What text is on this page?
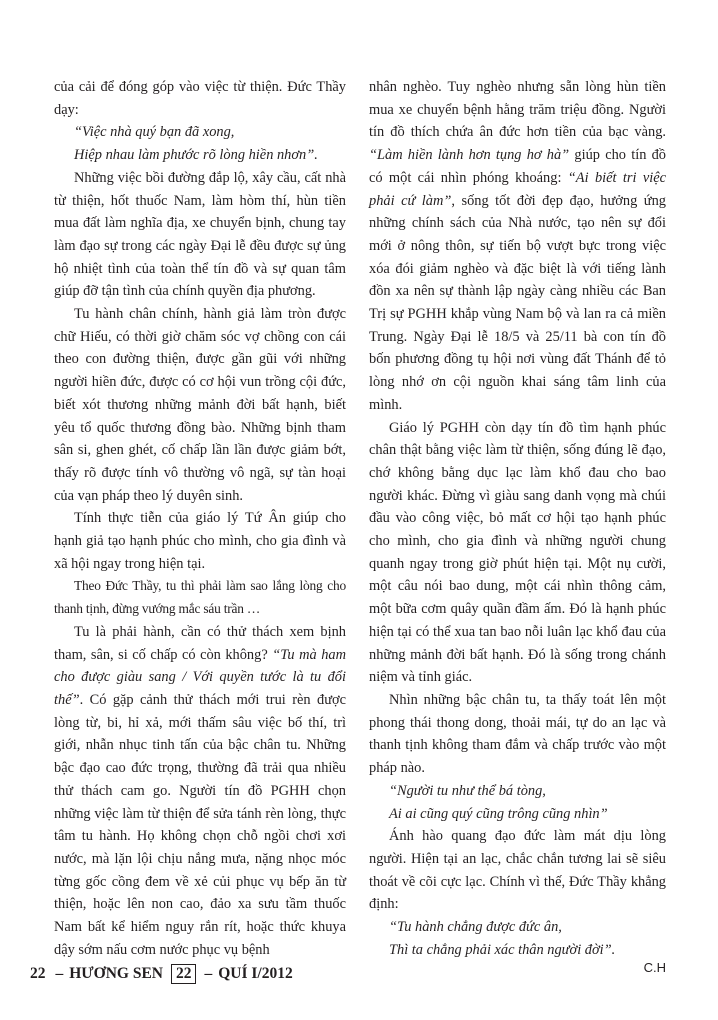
của cải để đóng góp vào việc từ thiện. Đức Thầy dạy:

“Việc nhà quý bạn đã xong,

Hiệp nhau làm phước rõ lòng hiền nhơn”.

Những việc bồi đường đắp lộ, xây cầu, cất nhà từ thiện, hốt thuốc Nam, làm hòm thí, hùn tiền mua đất làm nghĩa địa, xe chuyển bịnh, chung tay làm đạo sự trong các ngày Đại lễ đều được sự ủng hộ nhiệt tình của toàn thể tín đồ và sự quan tâm giúp đỡ tận tình của chính quyền địa phương.

Tu hành chân chính, hành giả làm tròn được chữ Hiếu, có thời giờ chăm sóc vợ chồng con cái theo con đường thiện, được gần gũi với những người hiền đức, được có cơ hội vun trồng cội đức, biết xót thương những mảnh đời bất hạnh, biết yêu tổ quốc thương đồng bào. Những bịnh tham sân si, ghen ghét, cố chấp lần lần được giảm bớt, thấy rõ được tính vô thường vô ngã, sự tàn hoại của vạn pháp theo lý duyên sinh.

Tính thực tiễn của giáo lý Tứ Ân giúp cho hạnh giả tạo hạnh phúc cho mình, cho gia đình và xã hội ngay trong hiện tại.

Theo Đức Thầy, tu thì phải làm sao lắng lòng cho thanh tịnh, đừng vướng mắc sáu trần …

Tu là phải hành, cần có thử thách xem bịnh tham, sân, si cố chấp có còn không? “Tu mà ham cho được giàu sang / Với quyền tước là tu đổi thế”. Có gặp cảnh thử thách mới trui rèn được lòng từ, bi, hỉ xả, mới thấm sâu việc bố thí, trì giới, nhẫn nhục tinh tấn của bậc chân tu. Những bậc đạo cao đức trọng, thường đã trải qua nhiều thử thách cam go. Người tín đồ PGHH chọn những việc làm từ thiện để sửa tánh rèn lòng, thực tâm tu hành. Họ không chọn chỗ ngồi chơi xơi nước, mà lặn lội chịu nắng mưa, nặng nhọc móc từng gốc cồng đem về xẻ củi phục vụ bếp ăn từ thiện, hoặc lên non cao, đảo xa sưu tầm thuốc Nam bất kể hiểm nguy rắn rít, hoặc thức khuya dậy sớm nấu cơm nước phục vụ bệnh

nhân nghèo. Tuy nghèo nhưng sẵn lòng hùn tiền mua xe chuyển bệnh hằng trăm triệu đồng. Người tín đồ thích chứa ân đức hơn tiền của bạc vàng. “Làm hiền lành hơn tụng hơ hà” giúp cho tín đồ có một cái nhìn phóng khoáng: “Ai biết tri việc phải cứ làm”, sống tốt đời đẹp đạo, hưởng ứng những chính sách của Nhà nước, tạo nên sự đổi mới ở nông thôn, sự tiến bộ vượt bực trong việc xóa đói giảm nghèo và đặc biệt là với tiếng lành đồn xa nên sự thành lập ngày càng nhiều các Ban Trị sự PGHH khắp vùng Nam bộ và lan ra cả miền Trung. Ngày Đại lễ 18/5 và 25/11 bà con tín đồ bốn phương đồng tụ hội nơi vùng đất Thánh để tỏ lòng nhớ ơn cội nguồn khai sáng tâm linh của mình.

Giáo lý PGHH còn dạy tín đồ tìm hạnh phúc chân thật bằng việc làm từ thiện, sống đúng lẽ đạo, chớ không bằng dục lạc làm khổ đau cho bao người khác. Đừng vì giàu sang danh vọng mà chúi đầu vào công việc, bỏ mất cơ hội tạo hạnh phúc cho mình, cho gia đình và những người chung quanh ngay trong giờ phút hiện tại. Một nụ cười, một câu nói bao dung, một cái nhìn thông cảm, một bữa cơm quây quần đầm ấm. Đó là hạnh phúc hiện tại có thể xua tan bao nỗi luân lạc khổ đau của những mảnh đời bất hạnh. Đó là sống trong chánh niệm và tỉnh giác.

Nhìn những bậc chân tu, ta thấy toát lên một phong thái thong dong, thoải mái, tự do an lạc và thanh tịnh không tham đắm và chấp trước vào một pháp nào.

“Người tu như thể bá tòng,

Ai ai cũng quý cũng trông cũng nhìn”

Ánh hào quang đạo đức làm mát dịu lòng người. Hiện tại an lạc, chắc chắn tương lai sẽ siêu thoát về cõi cực lạc. Chính vì thế, Đức Thầy khẳng định:

“Tu hành chẳng được đức ân,

Thì ta chẳng phải xác thân người đời”.

C.H

22 – HƯƠNG SEN 22 – QUÍ I/2012
